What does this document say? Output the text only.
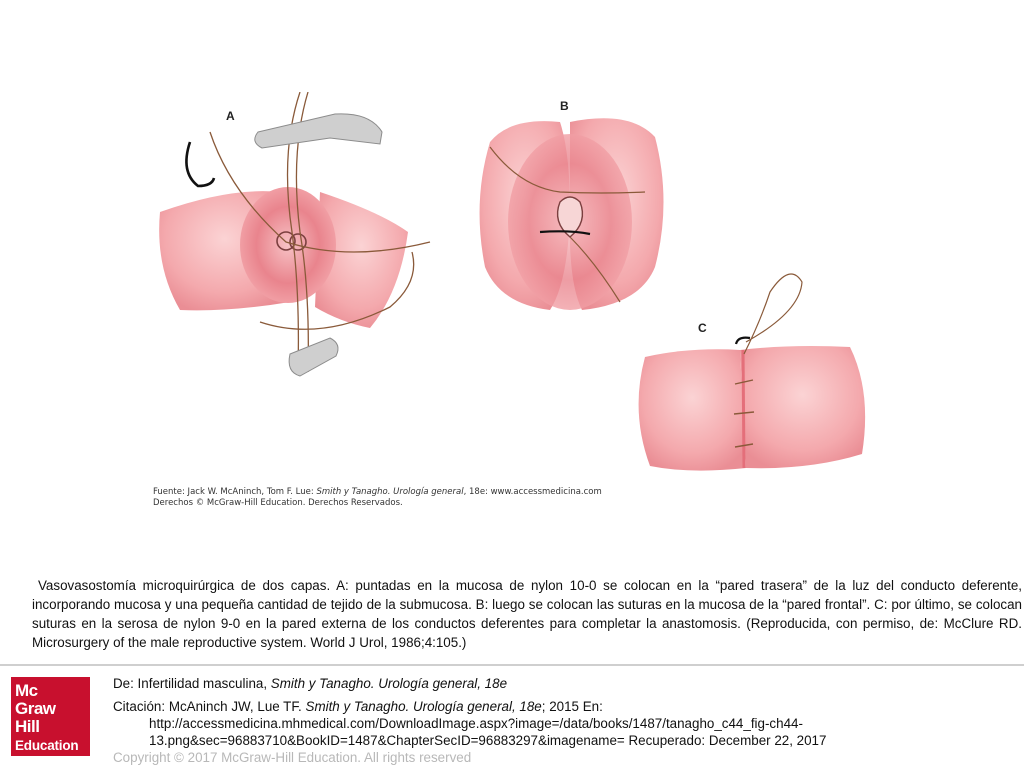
A
B
C
Fuente: Jack W. McAninch, Tom F. Lue: Smith y Tanagho. Urología general, 18e: www.accessmedicina.com
Derechos © McGraw-Hill Education. Derechos Reservados.

Vasovasostomía microquirúrgica de dos capas. A: puntadas en la mucosa de nylon 10-0 se colocan en la “pared trasera” de la luz del conducto deferente, incorporando mucosa y una pequeña cantidad de tejido de la submucosa. B: luego se colocan las suturas en la mucosa de la “pared frontal”. C: por último, se colocan suturas en la serosa de nylon 9-0 en la pared externa de los conductos deferentes para completar la anastomosis. (Reproducida, con permiso, de: McClure RD. Microsurgery of the male reproductive system. World J Urol, 1986;4:105.)

Mc
Graw
Hill
Education

De: Infertilidad masculina, Smith y Tanagho. Urología general, 18e

Citación: McAninch JW, Lue TF. Smith y Tanagho. Urología general, 18e; 2015 En:

http://accessmedicina.mhmedical.com/DownloadImage.aspx?image=/data/books/1487/tanagho_c44_fig-ch44-

13.png&sec=96883710&BookID=1487&ChapterSecID=96883297&imagename= Recuperado: December 22, 2017

Copyright © 2017 McGraw-Hill Education. All rights reserved
